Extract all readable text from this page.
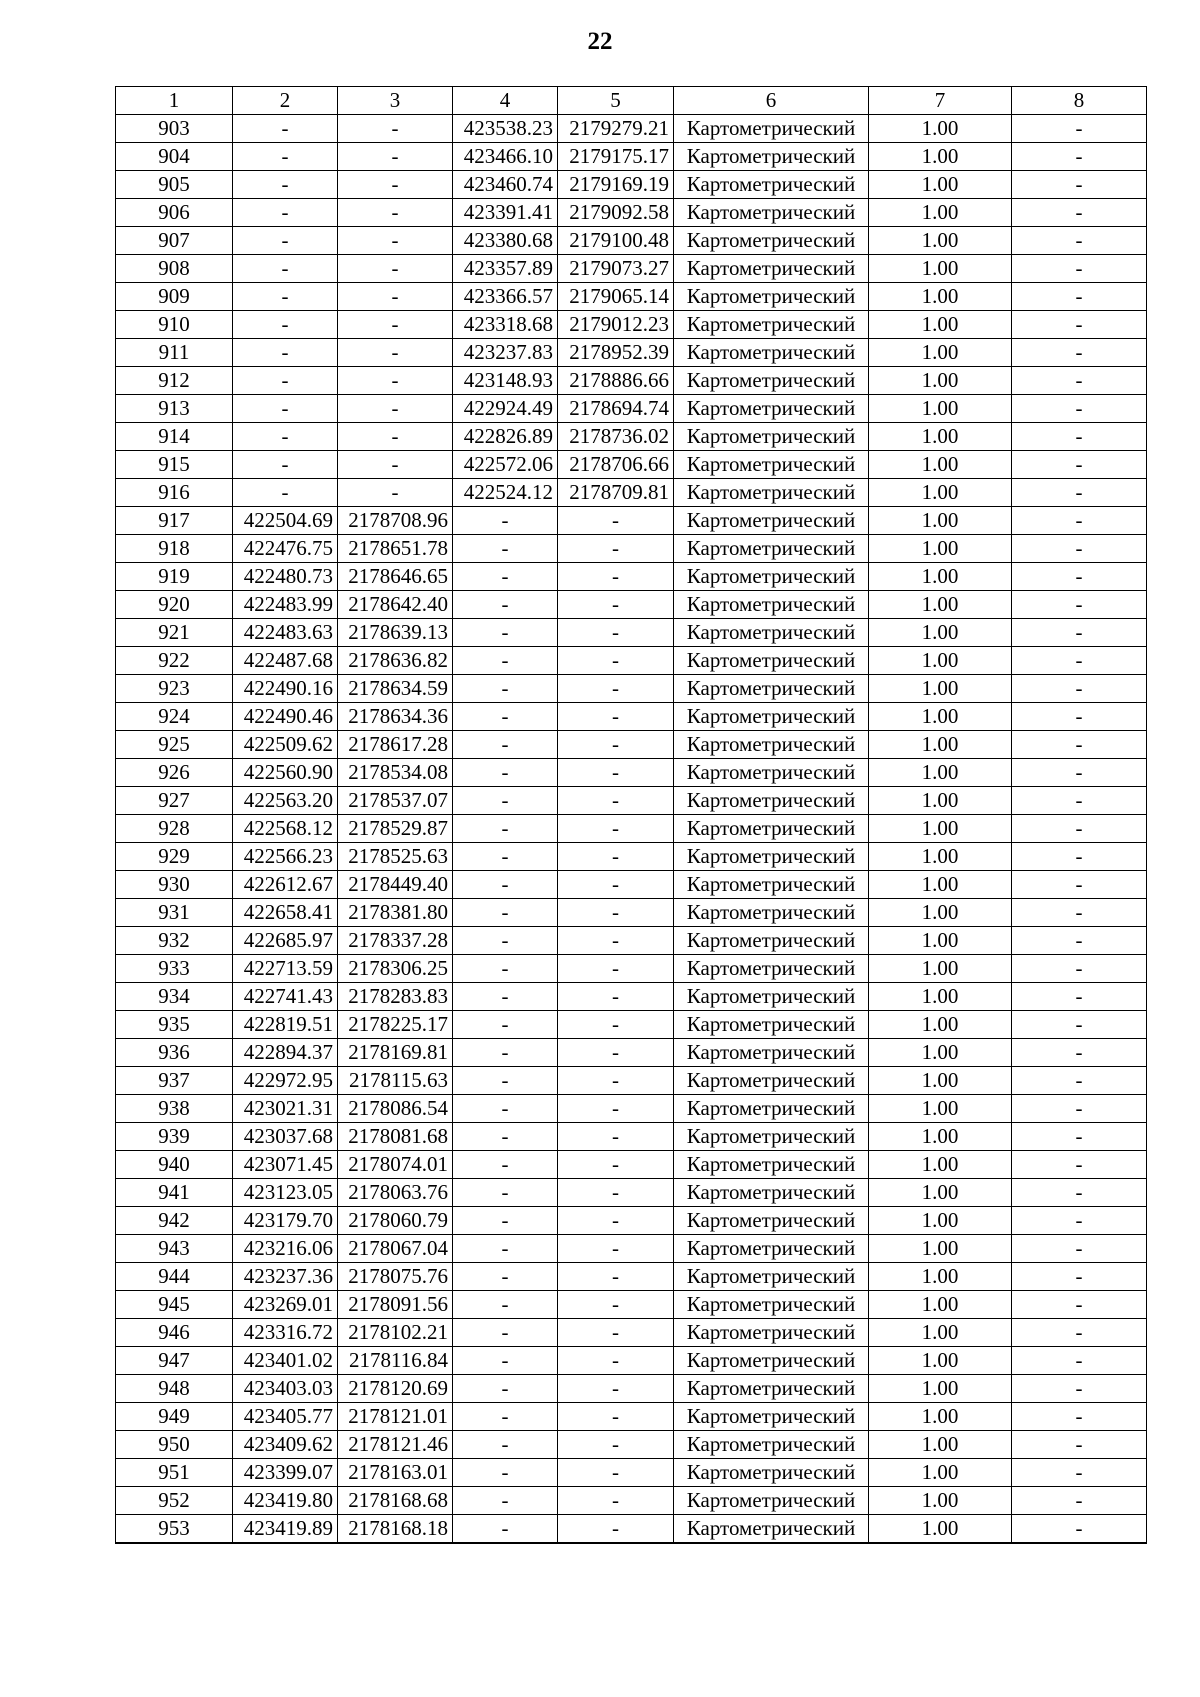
22
1	2	3	4	5	6	7	8
903	-	-	423538.23	2179279.21	Картометрический	1.00	-
904	-	-	423466.10	2179175.17	Картометрический	1.00	-
905	-	-	423460.74	2179169.19	Картометрический	1.00	-
906	-	-	423391.41	2179092.58	Картометрический	1.00	-
907	-	-	423380.68	2179100.48	Картометрический	1.00	-
908	-	-	423357.89	2179073.27	Картометрический	1.00	-
909	-	-	423366.57	2179065.14	Картометрический	1.00	-
910	-	-	423318.68	2179012.23	Картометрический	1.00	-
911	-	-	423237.83	2178952.39	Картометрический	1.00	-
912	-	-	423148.93	2178886.66	Картометрический	1.00	-
913	-	-	422924.49	2178694.74	Картометрический	1.00	-
914	-	-	422826.89	2178736.02	Картометрический	1.00	-
915	-	-	422572.06	2178706.66	Картометрический	1.00	-
916	-	-	422524.12	2178709.81	Картометрический	1.00	-
917	422504.69	2178708.96	-	-	Картометрический	1.00	-
918	422476.75	2178651.78	-	-	Картометрический	1.00	-
919	422480.73	2178646.65	-	-	Картометрический	1.00	-
920	422483.99	2178642.40	-	-	Картометрический	1.00	-
921	422483.63	2178639.13	-	-	Картометрический	1.00	-
922	422487.68	2178636.82	-	-	Картометрический	1.00	-
923	422490.16	2178634.59	-	-	Картометрический	1.00	-
924	422490.46	2178634.36	-	-	Картометрический	1.00	-
925	422509.62	2178617.28	-	-	Картометрический	1.00	-
926	422560.90	2178534.08	-	-	Картометрический	1.00	-
927	422563.20	2178537.07	-	-	Картометрический	1.00	-
928	422568.12	2178529.87	-	-	Картометрический	1.00	-
929	422566.23	2178525.63	-	-	Картометрический	1.00	-
930	422612.67	2178449.40	-	-	Картометрический	1.00	-
931	422658.41	2178381.80	-	-	Картометрический	1.00	-
932	422685.97	2178337.28	-	-	Картометрический	1.00	-
933	422713.59	2178306.25	-	-	Картометрический	1.00	-
934	422741.43	2178283.83	-	-	Картометрический	1.00	-
935	422819.51	2178225.17	-	-	Картометрический	1.00	-
936	422894.37	2178169.81	-	-	Картометрический	1.00	-
937	422972.95	2178115.63	-	-	Картометрический	1.00	-
938	423021.31	2178086.54	-	-	Картометрический	1.00	-
939	423037.68	2178081.68	-	-	Картометрический	1.00	-
940	423071.45	2178074.01	-	-	Картометрический	1.00	-
941	423123.05	2178063.76	-	-	Картометрический	1.00	-
942	423179.70	2178060.79	-	-	Картометрический	1.00	-
943	423216.06	2178067.04	-	-	Картометрический	1.00	-
944	423237.36	2178075.76	-	-	Картометрический	1.00	-
945	423269.01	2178091.56	-	-	Картометрический	1.00	-
946	423316.72	2178102.21	-	-	Картометрический	1.00	-
947	423401.02	2178116.84	-	-	Картометрический	1.00	-
948	423403.03	2178120.69	-	-	Картометрический	1.00	-
949	423405.77	2178121.01	-	-	Картометрический	1.00	-
950	423409.62	2178121.46	-	-	Картометрический	1.00	-
951	423399.07	2178163.01	-	-	Картометрический	1.00	-
952	423419.80	2178168.68	-	-	Картометрический	1.00	-
953	423419.89	2178168.18	-	-	Картометрический	1.00	-
